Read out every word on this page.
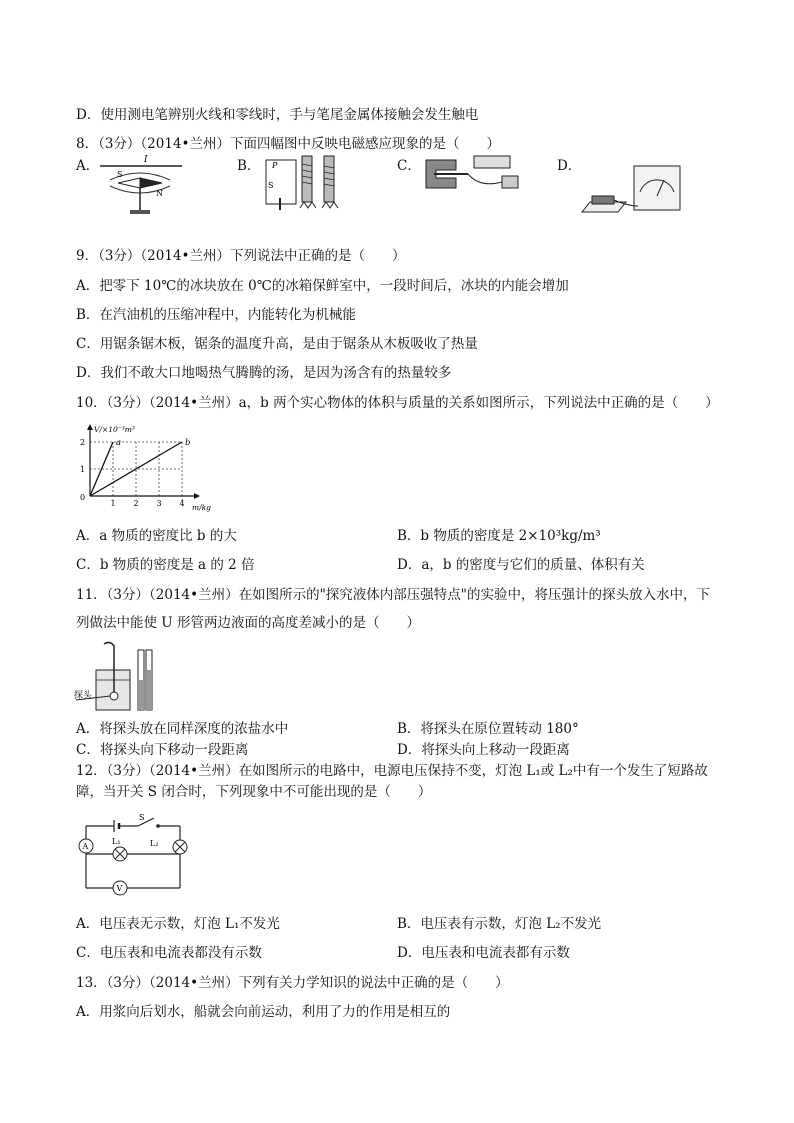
D．使用测电笔辨别火线和零线时，手与笔尾金属体接触会发生触电
8．（3分）（2014•兰州）下面四幅图中反映电磁感应现象的是（　　）
A．	B．	C．	D．
I
S
N
P
S
9．（3分）（2014•兰州）下列说法中正确的是（　　）
A．把零下 10℃的冰块放在 0℃的冰箱保鲜室中，一段时间后，冰块的内能会增加
B．在汽油机的压缩冲程中，内能转化为机械能
C．用锯条锯木板，锯条的温度升高，是由于锯条从木板吸收了热量
D．我们不敢大口地喝热气腾腾的汤，是因为汤含有的热量较多
10．（3分）（2014•兰州）a，b 两个实心物体的体积与质量的关系如图所示，下列说法中正确的是（　　）
1 2 3 4
1
2
0
m/kg
V/×10⁻³m³
a	b
A．a 物质的密度比 b 的大	B．b 物质的密度是 2×10³kg/m³
C．b 物质的密度是 a 的 2 倍	D．a，b 的密度与它们的质量、体积有关
11．（3分）（2014•兰州）在如图所示的"探究液体内部压强特点"的实验中，将压强计的探头放入水中，下
列做法中能使 U 形管两边液面的高度差减小的是（　　）
探头
A．将探头放在同样深度的浓盐水中	B．将探头在原位置转动 180°
C．将探头向下移动一段距离	D．将探头向上移动一段距离
12．（3分）（2014•兰州）在如图所示的电路中，电源电压保持不变，灯泡 L₁或 L₂中有一个发生了短路故
障，当开关 S 闭合时，下列现象中不可能出现的是（　　）
S
A
L₁	L₂
V
A．电压表无示数，灯泡 L₁不发光	B．电压表有示数，灯泡 L₂不发光
C．电压表和电流表都没有示数	D．电压表和电流表都有示数
13．（3分）（2014•兰州）下列有关力学知识的说法中正确的是（　　）
A．用浆向后划水，船就会向前运动，利用了力的作用是相互的
